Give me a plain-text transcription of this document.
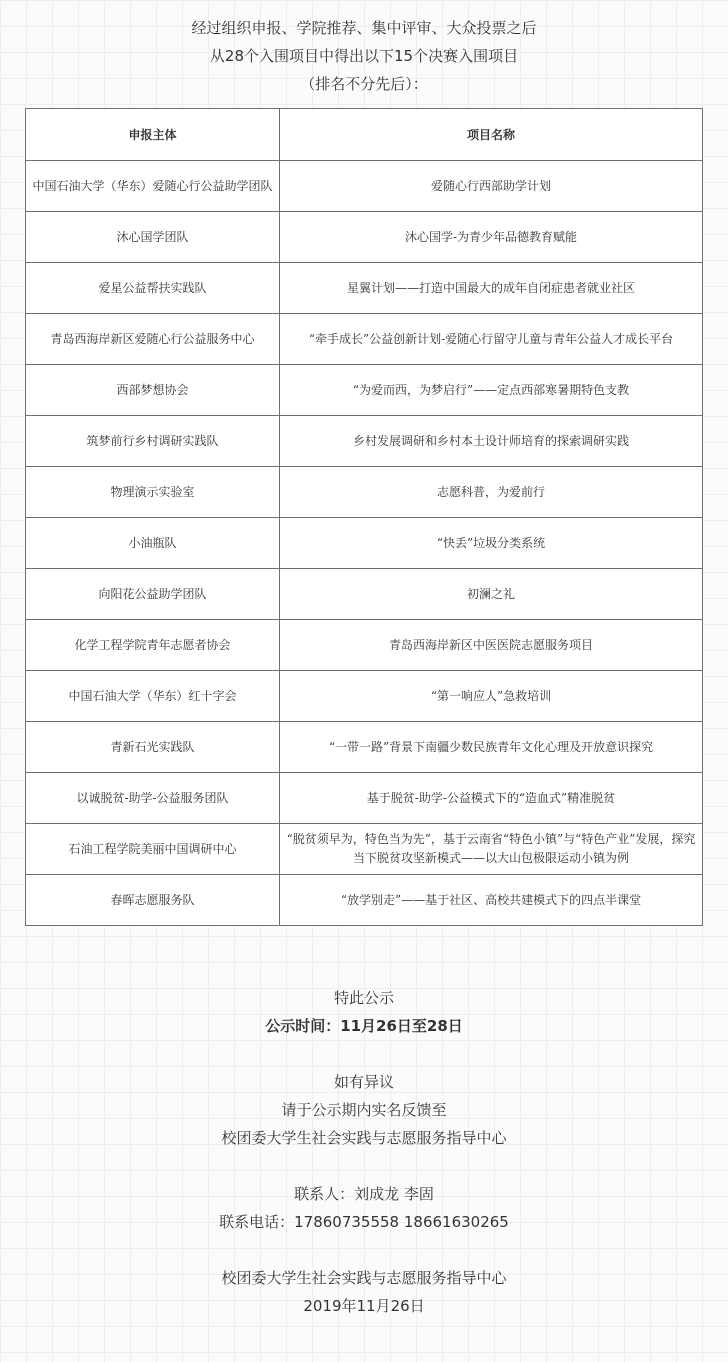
经过组织申报、学院推荐、集中评审、大众投票之后
从28个入围项目中得出以下15个决赛入围项目
（排名不分先后）：
申报主体	项目名称
中国石油大学（华东）爱随心行公益助学团队	爱随心行西部助学计划
沐心国学团队	沐心国学-为青少年品德教育赋能
爱星公益帮扶实践队	星翼计划——打造中国最大的成年自闭症患者就业社区
青岛西海岸新区爱随心行公益服务中心	“牵手成长”公益创新计划-爱随心行留守儿童与青年公益人才成长平台
西部梦想协会	“为爱而西，为梦启行”——定点西部寒暑期特色支教
筑梦前行乡村调研实践队	乡村发展调研和乡村本土设计师培育的探索调研实践
物理演示实验室	志愿科普，为爱前行
小油瓶队	“快丢”垃圾分类系统
向阳花公益助学团队	初澜之礼
化学工程学院青年志愿者协会	青岛西海岸新区中医医院志愿服务项目
中国石油大学（华东）红十字会	“第一响应人”急救培训
青新石光实践队	“一带一路”背景下南疆少数民族青年文化心理及开放意识探究
以诚脱贫-助学-公益服务团队	基于脱贫-助学-公益模式下的“造血式”精准脱贫
石油工程学院美丽中国调研中心	“脱贫须早为，特色当为先”，基于云南省“特色小镇”与“特色产业”发展，探究当下脱贫攻坚新模式——以大山包极限运动小镇为例
春晖志愿服务队	“放学别走”——基于社区、高校共建模式下的四点半课堂
特此公示
公示时间：11月26日至28日
如有异议
请于公示期内实名反馈至
校团委大学生社会实践与志愿服务指导中心
联系人：刘成龙 李固
联系电话：17860735558 18661630265
校团委大学生社会实践与志愿服务指导中心
2019年11月26日
